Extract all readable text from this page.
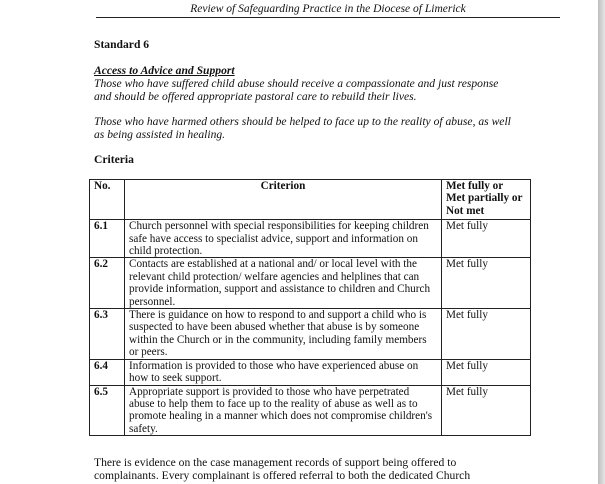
Review of Safeguarding Practice in the Diocese of Limerick
Standard 6
Access to Advice and Support
Those who have suffered child abuse should receive a compassionate and just response
and should be offered appropriate pastoral care to rebuild their lives.
Those who have harmed others should be helped to face up to the reality of abuse, as well
as being assisted in healing.
Criteria
No.	Criterion	Met fully or
Met partially or
Not met

6.1	Church personnel with special responsibilities for keeping children
safe have access to specialist advice, support and information on
child protection.	Met fully
6.2	Contacts are established at a national and/ or local level with the
relevant child protection/ welfare agencies and helplines that can
provide information, support and assistance to children and Church
personnel.	Met fully
6.3	There is guidance on how to respond to and support a child who is
suspected to have been abused whether that abuse is by someone
within the Church or in the community, including family members
or peers.	Met fully
6.4	Information is provided to those who have experienced abuse on
how to seek support.	Met fully
6.5	Appropriate support is provided to those who have perpetrated
abuse to help them to face up to the reality of abuse as well as to
promote healing in a manner which does not compromise children's
safety.	Met fully
There is evidence on the case management records of support being offered to
complainants. Every complainant is offered referral to both the dedicated Church
